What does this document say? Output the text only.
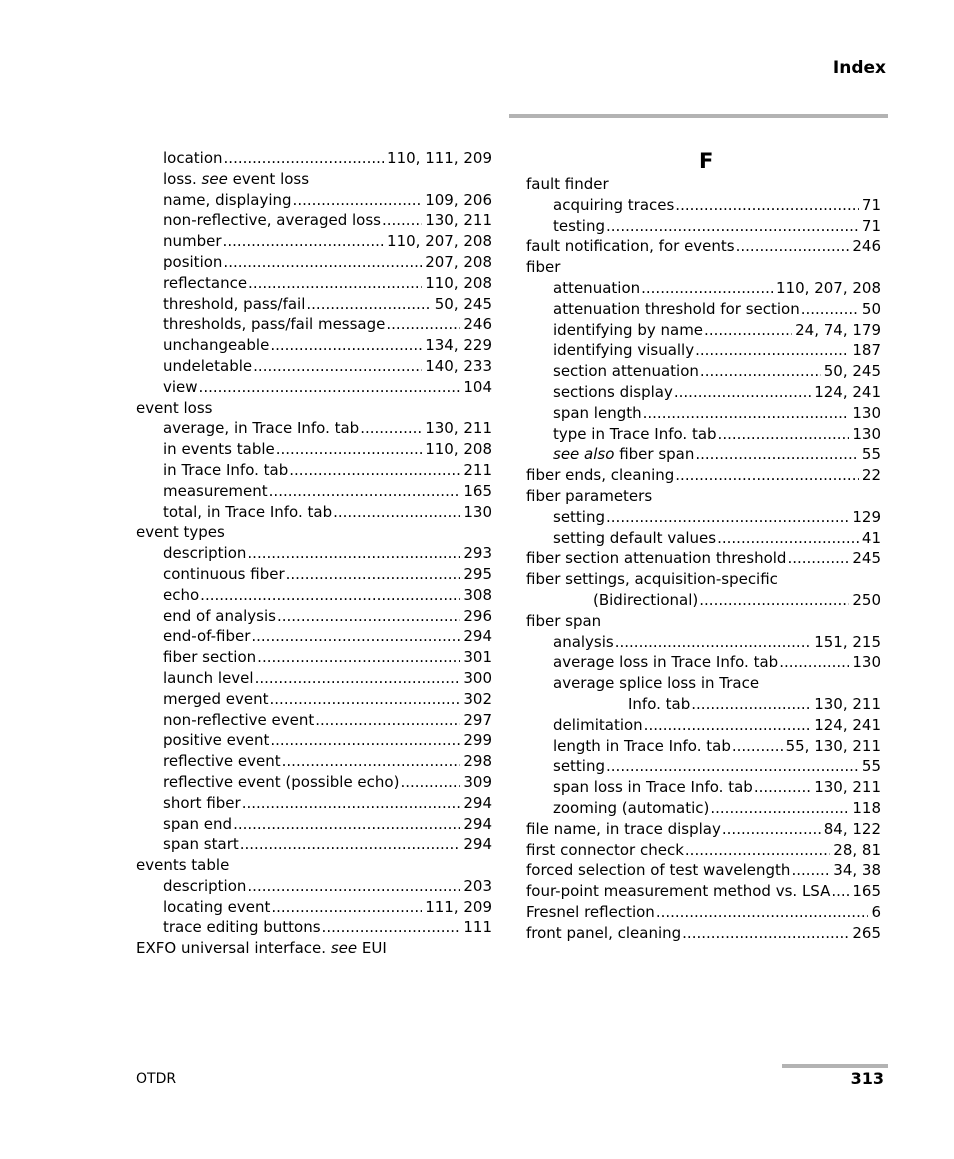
Index
location .....	110, 111, 209
loss. see event loss
name, displaying .....	109, 206
non-reflective, averaged loss .....	130, 211
number .....	110, 207, 208
position .....	207, 208
reflectance .....	110, 208
threshold, pass/fail .....	50, 245
thresholds, pass/fail message .....	246
unchangeable .....	134, 229
undeletable .....	140, 233
view .....	104
event loss
average, in Trace Info. tab .....	130, 211
in events table .....	110, 208
in Trace Info. tab .....	211
measurement .....	165
total, in Trace Info. tab .....	130
event types
description .....	293
continuous fiber .....	295
echo .....	308
end of analysis .....	296
end-of-fiber .....	294
fiber section .....	301
launch level .....	300
merged event .....	302
non-reflective event .....	297
positive event .....	299
reflective event .....	298
reflective event (possible echo) .....	309
short fiber .....	294
span end .....	294
span start .....	294
events table
description .....	203
locating event .....	111, 209
trace editing buttons .....	111
EXFO universal interface. see EUI
F
fault finder
acquiring traces .....	71
testing .....	71
fault notification, for events .....	246
fiber
attenuation .....	110, 207, 208
attenuation threshold for section .....	50
identifying by name .....	24, 74, 179
identifying visually .....	187
section attenuation .....	50, 245
sections display .....	124, 241
span length .....	130
type in Trace Info. tab .....	130
see also fiber span .....	55
fiber ends, cleaning .....	22
fiber parameters
setting .....	129
setting default values .....	41
fiber section attenuation threshold .....	245
fiber settings, acquisition-specific
(Bidirectional) .....	250
fiber span
analysis .....	151, 215
average loss in Trace Info. tab .....	130
average splice loss in Trace
Info. tab .....	130, 211
delimitation .....	124, 241
length in Trace Info. tab .....	55, 130, 211
setting .....	55
span loss in Trace Info. tab .....	130, 211
zooming (automatic) .....	118
file name, in trace display .....	84, 122
first connector check .....	28, 81
forced selection of test wavelength .....	34, 38
four-point measurement method vs. LSA ..... 165
Fresnel reflection .....	6
front panel, cleaning .....	265
OTDR	313
